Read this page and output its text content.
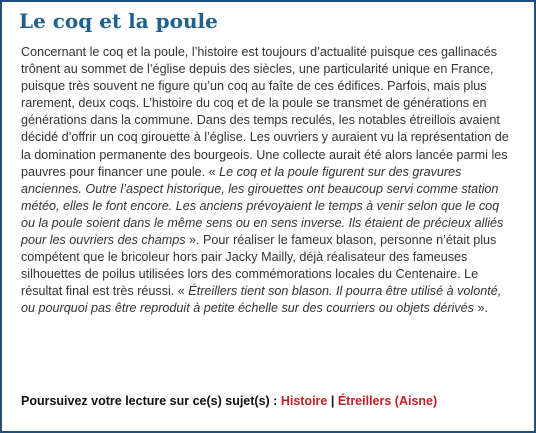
Le coq et la poule

Concernant le coq et la poule, l’histoire est toujours d’actualité puisque ces gallinacés trônent au sommet de l’église depuis des siècles, une particularité unique en France, puisque très souvent ne figure qu’un coq au faîte de ces édifices. Parfois, mais plus rarement, deux coqs. L’histoire du coq et de la poule se transmet de générations en générations dans la commune. Dans des temps reculés, les notables étreillois avaient décidé d’offrir un coq girouette à l’église. Les ouvriers y auraient vu la représentation de la domination permanente des bourgeois. Une collecte aurait été alors lancée parmi les pauvres pour financer une poule. « Le coq et la poule figurent sur des gravures anciennes. Outre l’aspect historique, les girouettes ont beaucoup servi comme station météo, elles le font encore. Les anciens prévoyaient le temps à venir selon que le coq ou la poule soient dans le même sens ou en sens inverse. Ils étaient de précieux alliés pour les ouvriers des champs ». Pour réaliser le fameux blason, personne n’était plus compétent que le bricoleur hors pair Jacky Mailly, déjà réalisateur des fameuses silhouettes de poilus utilisées lors des commémorations locales du Centenaire. Le résultat final est très réussi. « Étreillers tient son blason. Il pourra être utilisé à volonté, ou pourquoi pas être reproduit à petite échelle sur des courriers ou objets dérivés ».

Poursuivez votre lecture sur ce(s) sujet(s) : Histoire | Étreillers (Aisne)
